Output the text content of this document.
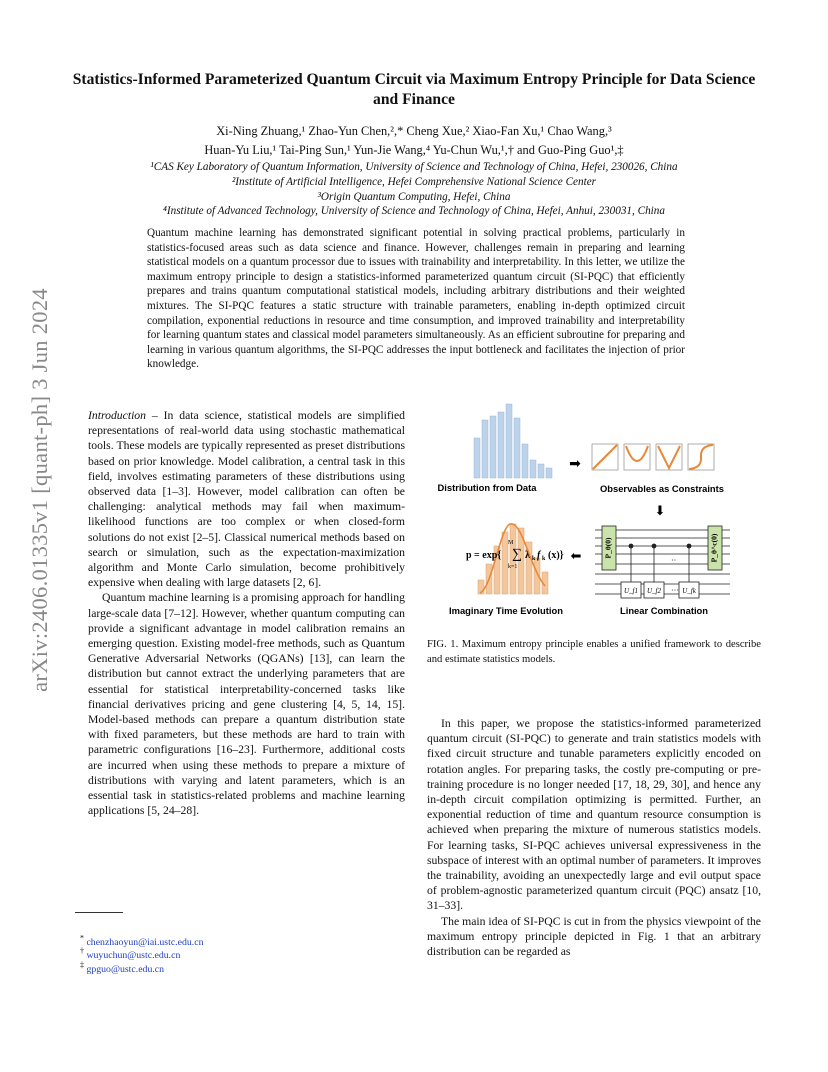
arXiv:2406.01335v1 [quant-ph] 3 Jun 2024
Statistics-Informed Parameterized Quantum Circuit via Maximum Entropy Principle for Data Science and Finance
Xi-Ning Zhuang,¹ Zhao-Yun Chen,²,* Cheng Xue,² Xiao-Fan Xu,¹ Chao Wang,³
Huan-Yu Liu,¹ Tai-Ping Sun,¹ Yun-Jie Wang,⁴ Yu-Chun Wu,¹,† and Guo-Ping Guo¹,‡
¹CAS Key Laboratory of Quantum Information, University of Science and Technology of China, Hefei, 230026, China
²Institute of Artificial Intelligence, Hefei Comprehensive National Science Center
³Origin Quantum Computing, Hefei, China
⁴Institute of Advanced Technology, University of Science and Technology of China, Hefei, Anhui, 230031, China
Quantum machine learning has demonstrated significant potential in solving practical problems, particularly in statistics-focused areas such as data science and finance. However, challenges remain in preparing and learning statistical models on a quantum processor due to issues with trainability and interpretability. In this letter, we utilize the maximum entropy principle to design a statistics-informed parameterized quantum circuit (SI-PQC) that efficiently prepares and trains quantum computational statistical models, including arbitrary distributions and their weighted mixtures. The SI-PQC features a static structure with trainable parameters, enabling in-depth optimized circuit compilation, exponential reductions in resource and time consumption, and improved trainability and interpretability for learning quantum states and classical model parameters simultaneously. As an efficient subroutine for preparing and learning in various quantum algorithms, the SI-PQC addresses the input bottleneck and facilitates the injection of prior knowledge.

Introduction – In data science, statistical models are simplified representations of real-world data using stochastic mathematical tools. These models are typically represented as preset distributions based on prior knowledge. Model calibration, a central task in this field, involves estimating parameters of these distributions using observed data [1–3]. However, model calibration can often be challenging: analytical methods may fail when maximum-likelihood functions are too complex or when closed-form solutions do not exist [2–5]. Classical numerical methods based on search or simulation, such as the expectation-maximization algorithm and Monte Carlo simulation, become prohibitively expensive when dealing with large datasets [2, 6].

Quantum machine learning is a promising approach for handling large-scale data [7–12]. However, whether quantum computing can provide a significant advantage in model calibration remains an emerging question. Existing model-free methods, such as Quantum Generative Adversarial Networks (QGANs) [13], can learn the distribution but cannot extract the underlying parameters that are essential for statistical interpretability-concerned tasks like financial derivatives pricing and gene clustering [4, 5, 14, 15]. Model-based methods can prepare a quantum distribution state with fixed parameters, but these methods are hard to train with parametric configurations [16–23]. Furthermore, additional costs are incurred when using these methods to prepare a mixture of distributions with varying and latent parameters, which is an essential task in statistics-related problems and machine learning applications [5, 24–28].

➡
Distribution from Data	Observables as Constraints
⬇
p = exp{ ∑
M
k=1
λ k f k (x)} ⬅	P_θ(0)	P_θ^c(0)
··
U_f1 U_f2 ··· U_fk
Imaginary Time Evolution	Linear Combination
FIG. 1. Maximum entropy principle enables a unified framework to describe and estimate statistics models.

In this paper, we propose the statistics-informed parameterized quantum circuit (SI-PQC) to generate and train statistics models with fixed circuit structure and tunable parameters explicitly encoded on rotation angles. For preparing tasks, the costly pre-computing or pre-training procedure is no longer needed [17, 18, 29, 30], and hence any in-depth circuit compilation optimizing is permitted. Further, an exponential reduction of time and quantum resource consumption is achieved when preparing the mixture of numerous statistics models. For learning tasks, SI-PQC achieves universal expressiveness in the subspace of interest with an optimal number of parameters. It improves the trainability, avoiding an unexpectedly large and evil output space of problem-agnostic parameterized quantum circuit (PQC) ansatz [10, 31–33].

The main idea of SI-PQC is cut in from the physics viewpoint of the maximum entropy principle depicted in Fig. 1 that an arbitrary distribution can be regarded as

* chenzhaoyun@iai.ustc.edu.cn
† wuyuchun@ustc.edu.cn
‡ gpguo@ustc.edu.cn
